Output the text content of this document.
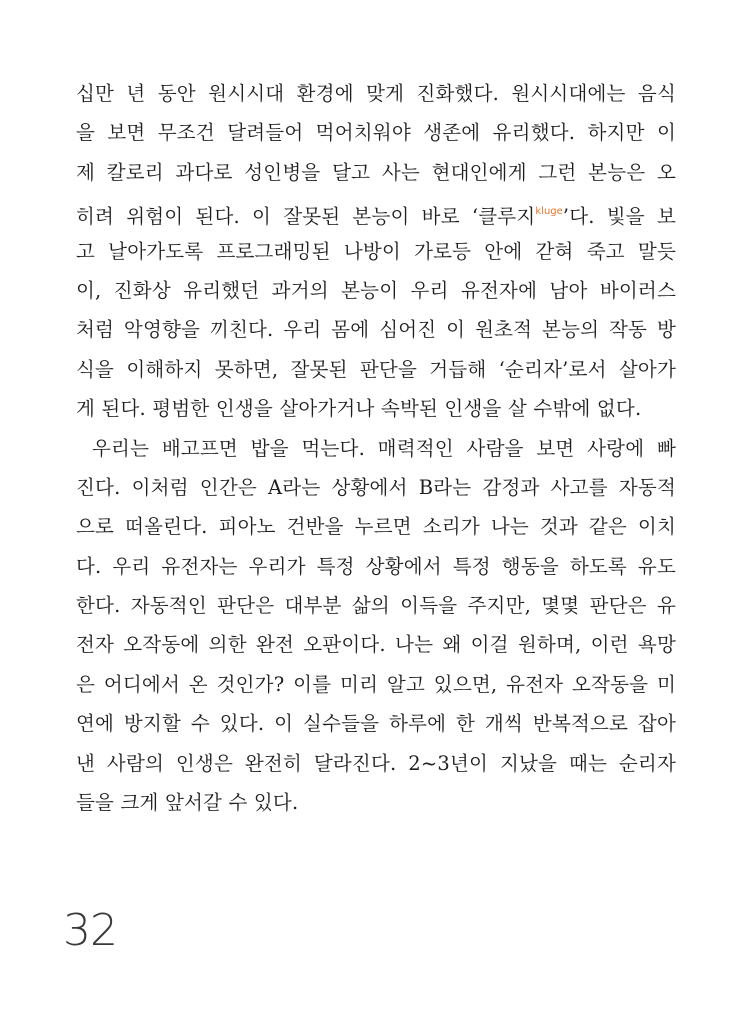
십만 년 동안 원시시대 환경에 맞게 진화했다. 원시시대에는 음식
을 보면 무조건 달려들어 먹어치워야 생존에 유리했다. 하지만 이
제 칼로리 과다로 성인병을 달고 사는 현대인에게 그런 본능은 오
히려 위험이 된다. 이 잘못된 본능이 바로 ‘클루지$^{kluge}$’다. 빛을 보
고 날아가도록 프로그래밍된 나방이 가로등 안에 갇혀 죽고 말듯
이, 진화상 유리했던 과거의 본능이 우리 유전자에 남아 바이러스
처럼 악영향을 끼친다. 우리 몸에 심어진 이 원초적 본능의 작동 방
식을 이해하지 못하면, 잘못된 판단을 거듭해 ‘순리자’로서 살아가
게 된다. 평범한 인생을 살아가거나 속박된 인생을 살 수밖에 없다.
우리는 배고프면 밥을 먹는다. 매력적인 사람을 보면 사랑에 빠
진다. 이처럼 인간은 A라는 상황에서 B라는 감정과 사고를 자동적
으로 떠올린다. 피아노 건반을 누르면 소리가 나는 것과 같은 이치
다. 우리 유전자는 우리가 특정 상황에서 특정 행동을 하도록 유도
한다. 자동적인 판단은 대부분 삶의 이득을 주지만, 몇몇 판단은 유
전자 오작동에 의한 완전 오판이다. 나는 왜 이걸 원하며, 이런 욕망
은 어디에서 온 것인가? 이를 미리 알고 있으면, 유전자 오작동을 미
연에 방지할 수 있다. 이 실수들을 하루에 한 개씩 반복적으로 잡아
낸 사람의 인생은 완전히 달라진다. 2~3년이 지났을 때는 순리자
들을 크게 앞서갈 수 있다.
32
